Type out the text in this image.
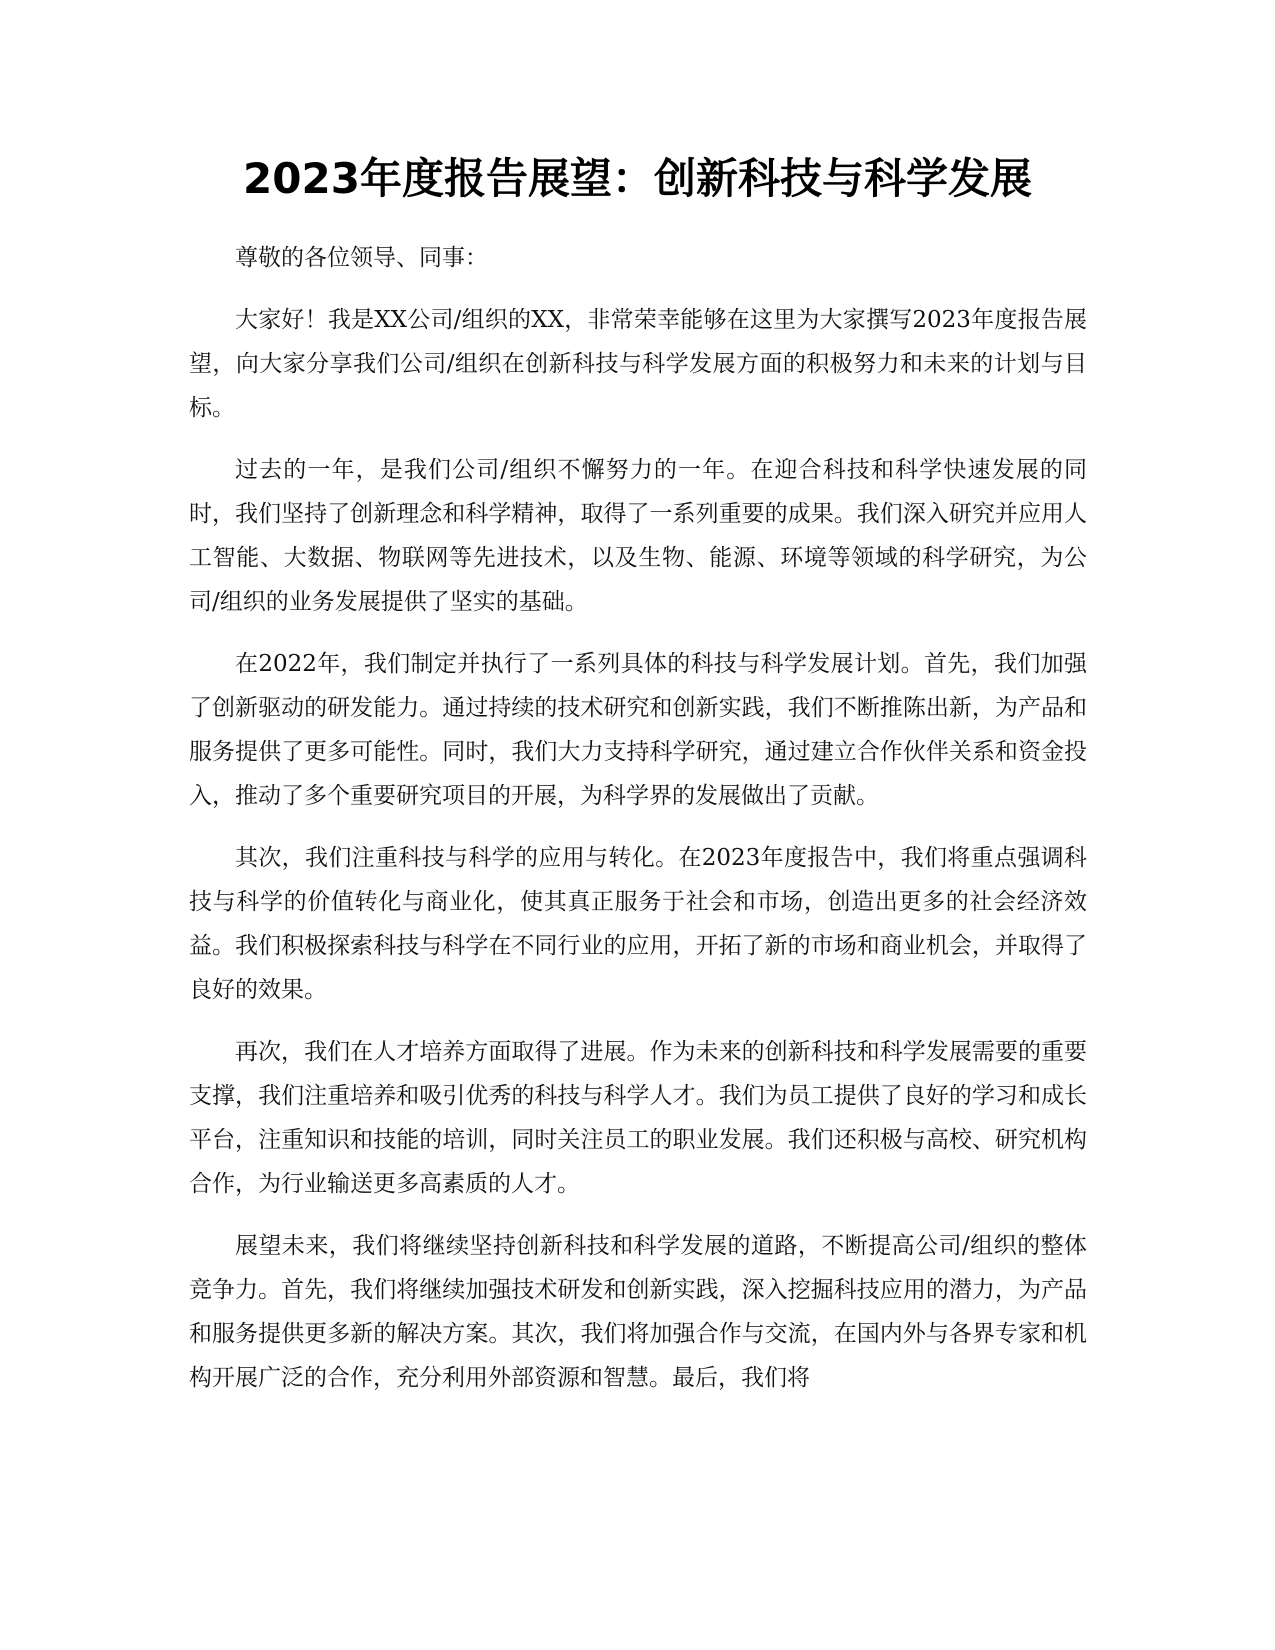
2023年度报告展望：创新科技与科学发展

尊敬的各位领导、同事：

大家好！我是XX公司/组织的XX，非常荣幸能够在这里为大家撰写2023年度报告展望，向大家分享我们公司/组织在创新科技与科学发展方面的积极努力和未来的计划与目标。

过去的一年，是我们公司/组织不懈努力的一年。在迎合科技和科学快速发展的同时，我们坚持了创新理念和科学精神，取得了一系列重要的成果。我们深入研究并应用人工智能、大数据、物联网等先进技术，以及生物、能源、环境等领域的科学研究，为公司/组织的业务发展提供了坚实的基础。

在2022年，我们制定并执行了一系列具体的科技与科学发展计划。首先，我们加强了创新驱动的研发能力。通过持续的技术研究和创新实践，我们不断推陈出新，为产品和服务提供了更多可能性。同时，我们大力支持科学研究，通过建立合作伙伴关系和资金投入，推动了多个重要研究项目的开展，为科学界的发展做出了贡献。

其次，我们注重科技与科学的应用与转化。在2023年度报告中，我们将重点强调科技与科学的价值转化与商业化，使其真正服务于社会和市场，创造出更多的社会经济效益。我们积极探索科技与科学在不同行业的应用，开拓了新的市场和商业机会，并取得了良好的效果。

再次，我们在人才培养方面取得了进展。作为未来的创新科技和科学发展需要的重要支撑，我们注重培养和吸引优秀的科技与科学人才。我们为员工提供了良好的学习和成长平台，注重知识和技能的培训，同时关注员工的职业发展。我们还积极与高校、研究机构合作，为行业输送更多高素质的人才。

展望未来，我们将继续坚持创新科技和科学发展的道路，不断提高公司/组织的整体竞争力。首先，我们将继续加强技术研发和创新实践，深入挖掘科技应用的潜力，为产品和服务提供更多新的解决方案。其次，我们将加强合作与交流，在国内外与各界专家和机构开展广泛的合作，充分利用外部资源和智慧。最后，我们将
